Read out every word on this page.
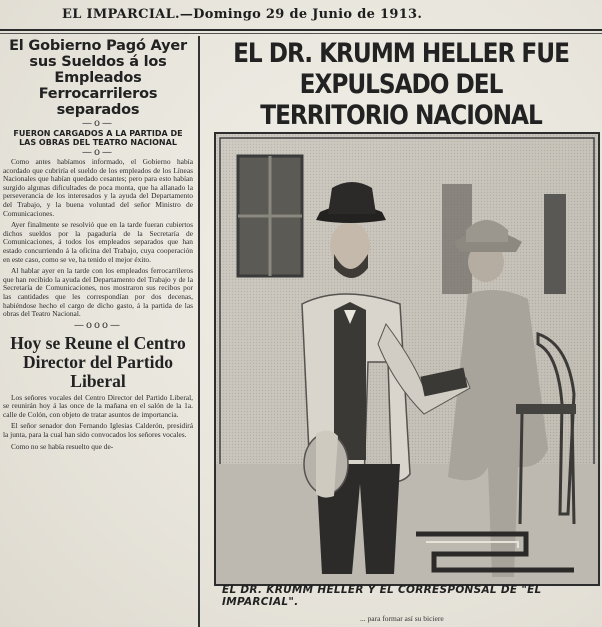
EL IMPARCIAL.—Domingo 29 de Junio de 1913.
El Gobierno Pagó Ayer sus Sueldos á los Empleados Ferrocarrileros separados
—o—
FUERON CARGADOS A LA PARTIDA DE LAS OBRAS DEL TEATRO NACIONAL
—o—

Como antes habíamos informado, el Gobierno había acordado que cubriría el sueldo de los empleados de los Líneas Nacionales que habían quedado cesantes; pero para esto habían surgido algunas dificultades de poca monta, que ha allanado la perseverancia de los interesados y la ayuda del Departamento del Trabajo, y la buena voluntad del señor Ministro de Comunicaciones.

Ayer finalmente se resolvió que en la tarde fueran cubiertos dichos sueldos por la pagaduría de la Secretaría de Comunicaciones, á todos los empleados separados que han estado concurriendo á la oficina del Trabajo, cuya cooperación en este caso, como se ve, ha tenido el mejor éxito.

Al hablar ayer en la tarde con los empleados ferrocarrileros que han recibido la ayuda del Departamento del Trabajo y de la Secretaría de Comunicaciones, nos mostraron sus recibos por las cantidades que les correspondían por dos decenas, habiéndose hecho el cargo de dicho gasto, á la partida de las obras del Teatro Nacional.

—ooo—
Hoy se Reune el Centro Director del Partido Liberal

Los señores vocales del Centro Director del Partido Liberal, se reunirán hoy á las once de la mañana en el salón de la 1a. calle de Colón, con objeto de tratar asuntos de importancia.

El señor senador don Fernando Iglesias Calderón, presidirá la junta, para la cual han sido convocados los señores vocales.

Como no se había resuelto que de-

EL DR. KRUMM HELLER FUE EXPULSADO DEL TERRITORIO NACIONAL
EL DR. KRUMM HELLER Y EL CORRESPONSAL DE "EL IMPARCIAL".
... para formar así su biciere
